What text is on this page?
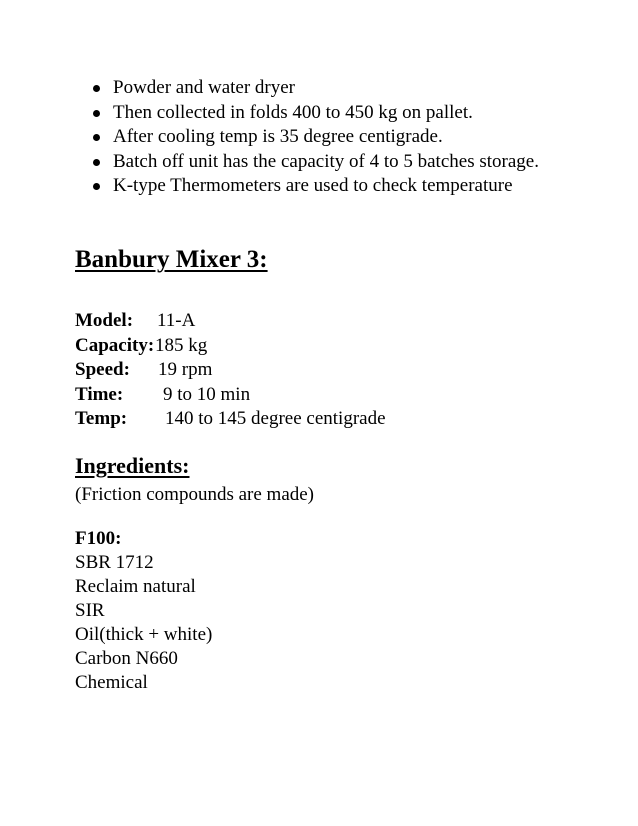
Powder and water dryer
Then collected in folds 400 to 450 kg on pallet.
After cooling temp is 35 degree centigrade.
Batch off unit has the capacity of 4 to 5 batches storage.
K-type Thermometers are used to check temperature
Banbury Mixer 3:
Model: 11-A
Capacity: 185 kg
Speed: 19 rpm
Time: 9 to 10 min
Temp: 140 to 145 degree centigrade
Ingredients:
(Friction compounds are made)
F100:
SBR 1712
Reclaim natural
SIR
Oil(thick + white)
Carbon N660
Chemical
